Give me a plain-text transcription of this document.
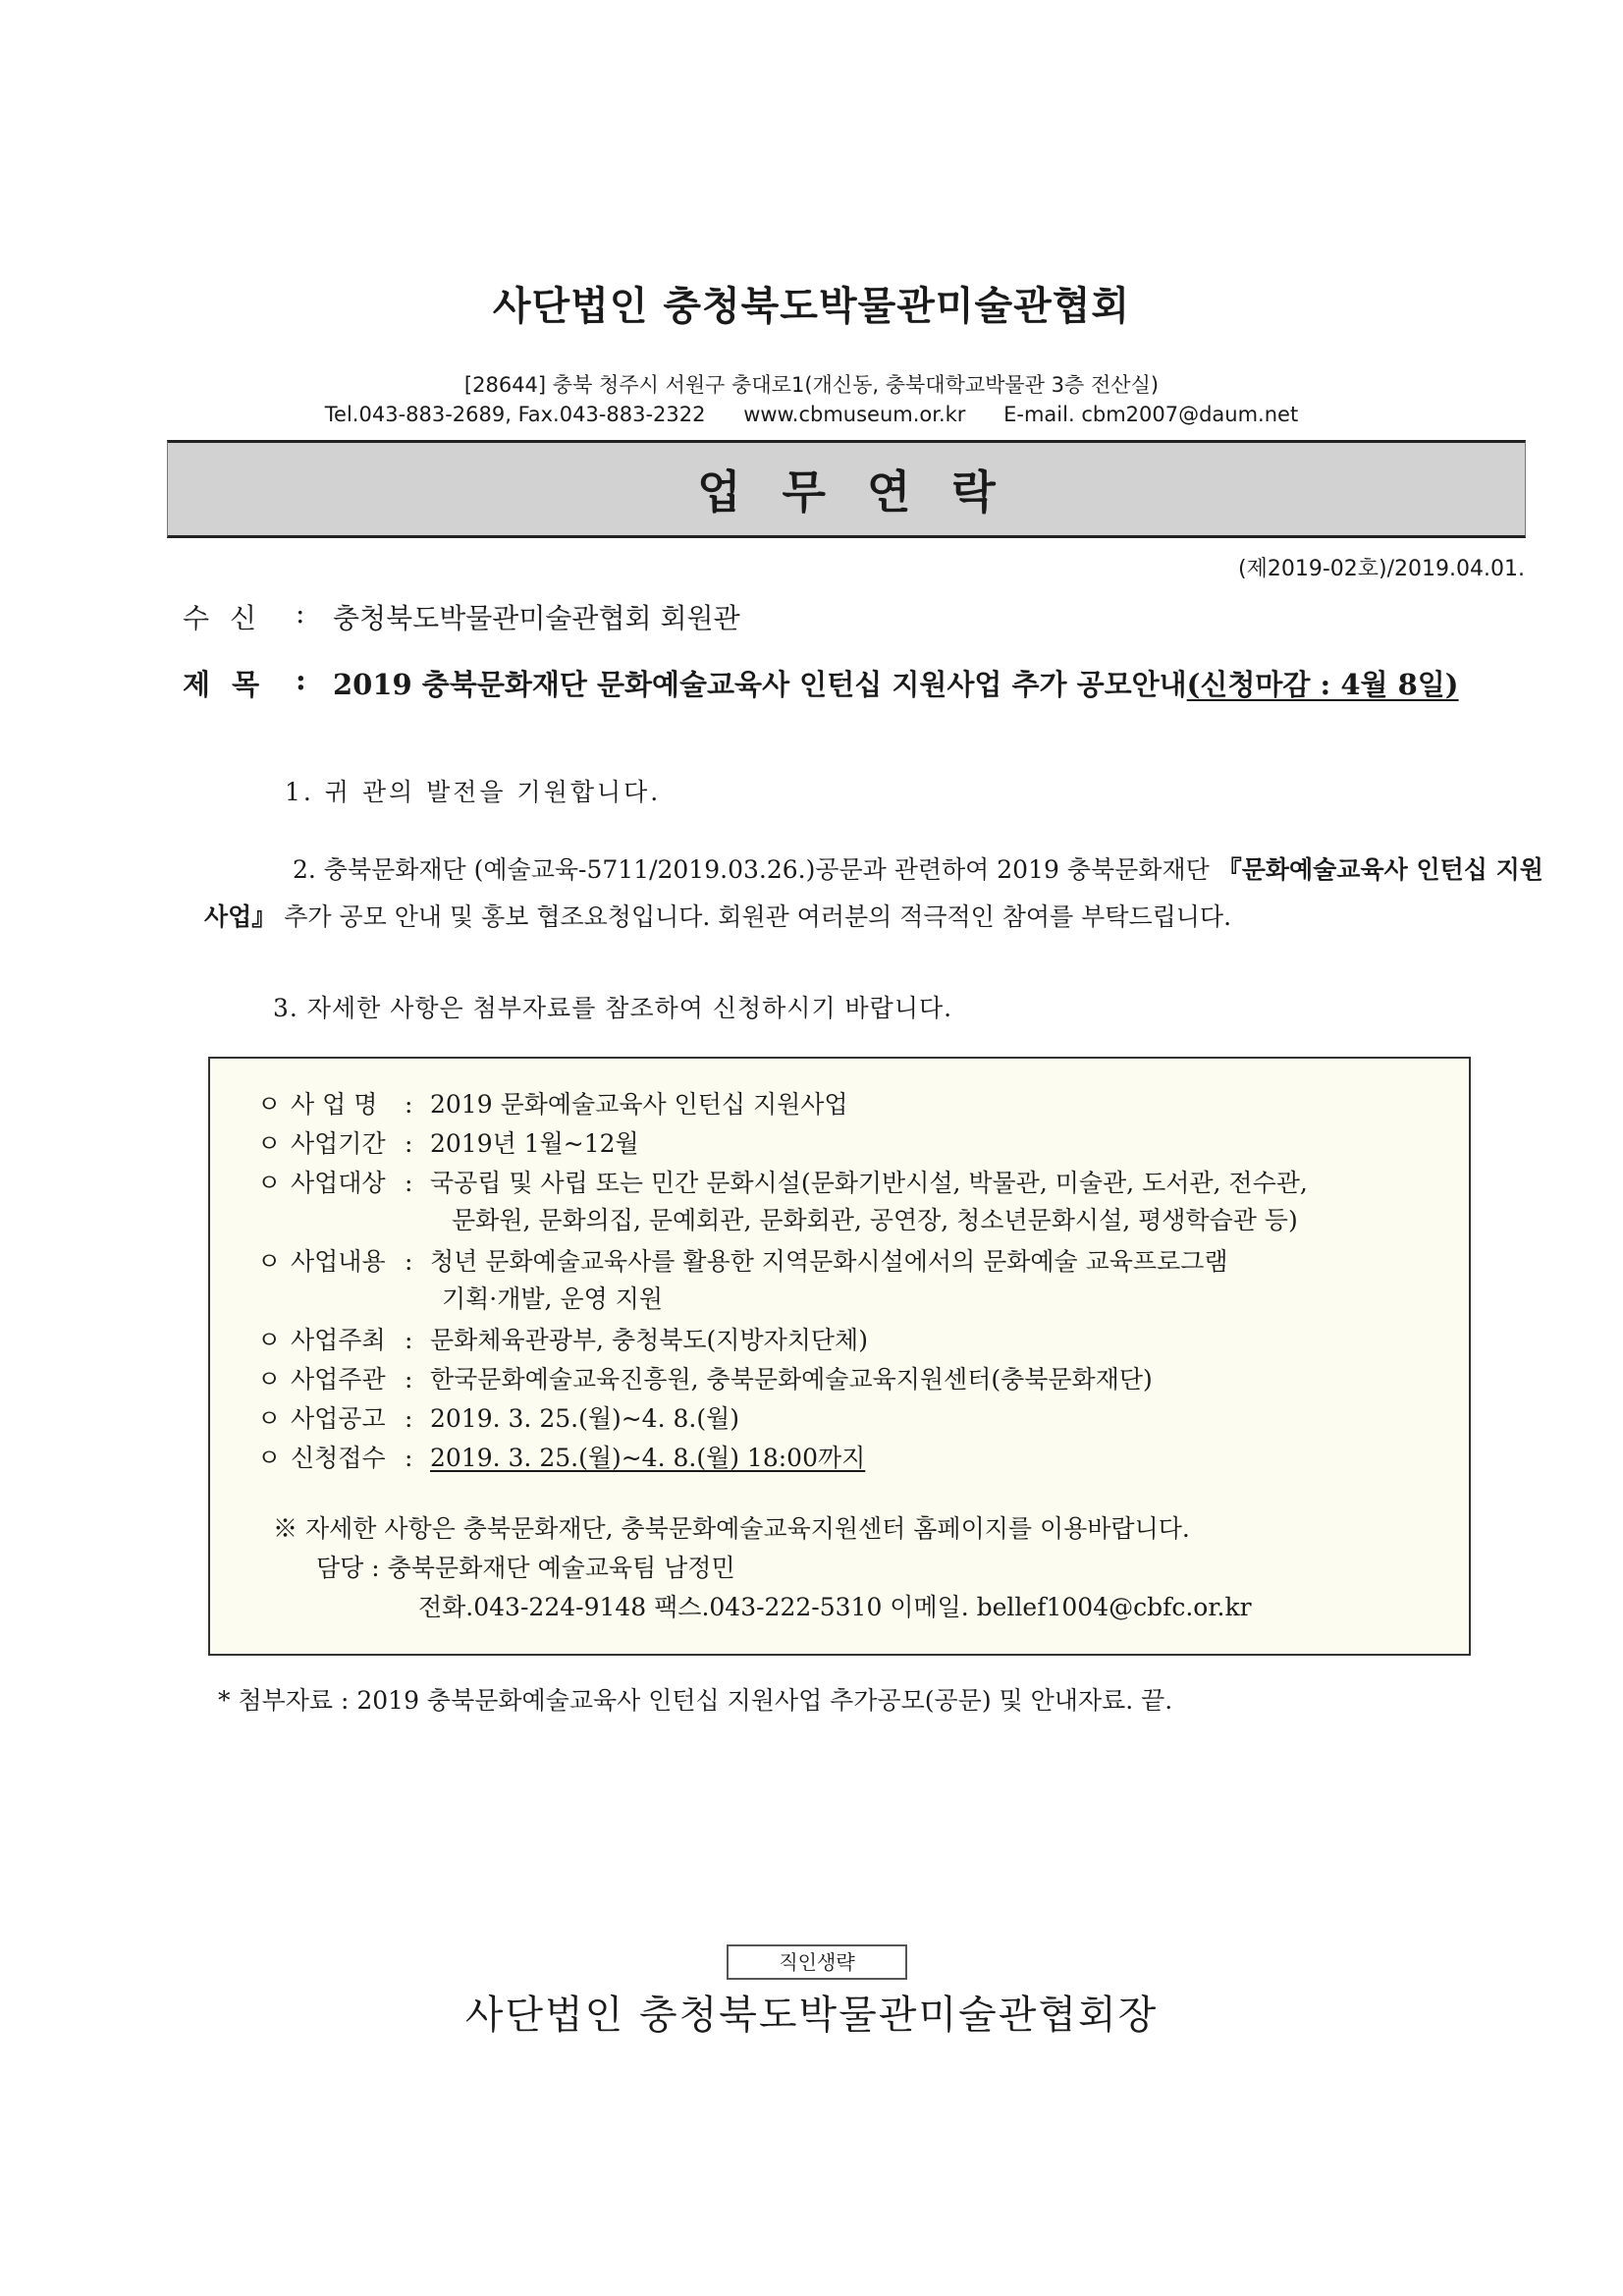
사단법인 충청북도박물관미술관협회
[28644] 충북 청주시 서원구 충대로1(개신동, 충북대학교박물관 3층 전산실)
Tel.043-883-2689, Fax.043-883-2322 www.cbmuseum.or.kr E-mail. cbm2007@daum.net
업무연락
(제2019-02호)/2019.04.01.
수 신	:	충청북도박물관미술관협회 회원관
제 목	: 2019 충북문화재단 문화예술교육사 인턴십 지원사업 추가 공모안내(신청마감 : 4월 8일)
1. 귀 관의 발전을 기원합니다.
2. 충북문화재단 (예술교육-5711/2019.03.26.)공문과 관련하여 2019 충북문화재단 『문화예술교육사 인턴십 지원사업』 추가 공모 안내 및 홍보 협조요청입니다. 회원관 여러분의 적극적인 참여를 부탁드립니다.
3. 자세한 사항은 첨부자료를 참조하여 신청하시기 바랍니다.
ㅇ 사 업 명 : 2019 문화예술교육사 인턴십 지원사업
ㅇ 사업기간 : 2019년 1월~12월
ㅇ 사업대상 : 국공립 및 사립 또는 민간 문화시설(문화기반시설, 박물관, 미술관, 도서관, 전수관,
문화원, 문화의집, 문예회관, 문화회관, 공연장, 청소년문화시설, 평생학습관 등)
ㅇ 사업내용 : 청년 문화예술교육사를 활용한 지역문화시설에서의 문화예술 교육프로그램
기획·개발, 운영 지원
ㅇ 사업주최 : 문화체육관광부, 충청북도(지방자치단체)
ㅇ 사업주관 : 한국문화예술교육진흥원, 충북문화예술교육지원센터(충북문화재단)
ㅇ 사업공고 : 2019. 3. 25.(월)~4. 8.(월)
ㅇ 신청접수 : 2019. 3. 25.(월)~4. 8.(월) 18:00까지
※ 자세한 사항은 충북문화재단, 충북문화예술교육지원센터 홈페이지를 이용바랍니다.
담당 : 충북문화재단 예술교육팀 남정민
전화.043-224-9148 팩스.043-222-5310 이메일. bellef1004@cbfc.or.kr
* 첨부자료 : 2019 충북문화예술교육사 인턴십 지원사업 추가공모(공문) 및 안내자료. 끝.
직인생략
사단법인 충청북도박물관미술관협회장
